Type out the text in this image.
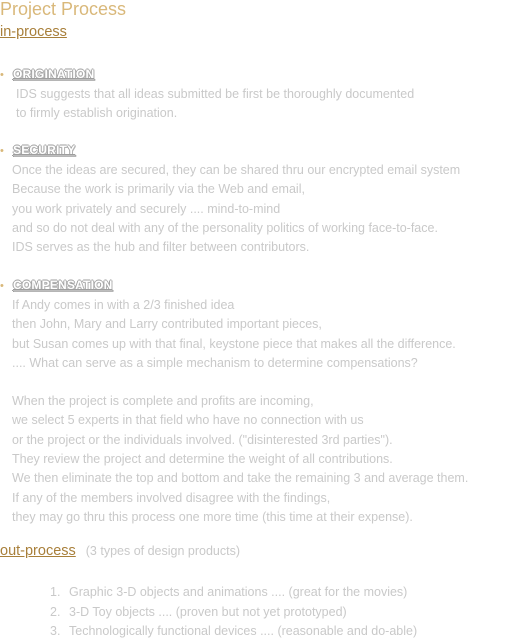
Project Process
in-process
• ORIGINATION
IDS suggests that all ideas submitted be first be thoroughly documented
to firmly establish origination.
• SECURITY
Once the ideas are secured, they can be shared thru our encrypted email system
Because the work is primarily via the Web and email,
you work privately and securely .... mind-to-mind
and so do not deal with any of the personality politics of working face-to-face.
IDS serves as the hub and filter between contributors.
• COMPENSATION
If Andy comes in with a 2/3 finished idea
then John, Mary and Larry contributed important pieces,
but Susan comes up with that final, keystone piece that makes all the difference.
.... What can serve as a simple mechanism to determine compensations?
When the project is complete and profits are incoming,
we select 5 experts in that field who have no connection with us
or the project or the individuals involved. ("disinterested 3rd parties").
They review the project and determine the weight of all contributions.
We then eliminate the top and bottom and take the remaining 3 and average them.
If any of the members involved disagree with the findings,
they may go thru this process one more time (this time at their expense).
out-process (3 types of design products)
1. Graphic 3-D objects and animations .... (great for the movies)
2. 3-D Toy objects .... (proven but not yet prototyped)
3. Technologically functional devices .... (reasonable and do-able)
